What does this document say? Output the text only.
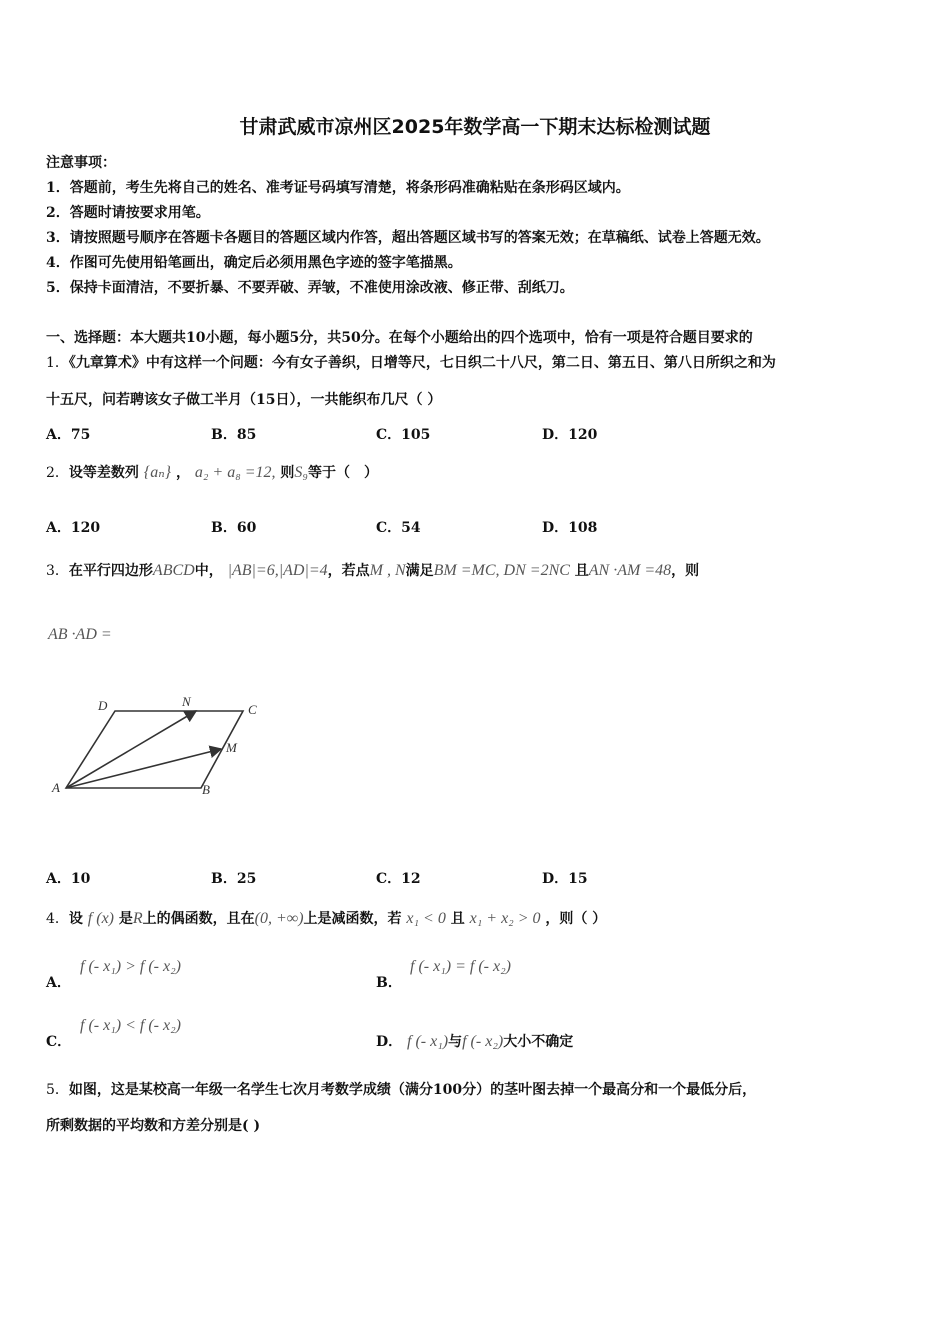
甘肃武威市凉州区2025年数学高一下期末达标检测试题
注意事项：
1．答题前，考生先将自己的姓名、准考证号码填写清楚，将条形码准确粘贴在条形码区域内。
2．答题时请按要求用笔。
3．请按照题号顺序在答题卡各题目的答题区域内作答，超出答题区域书写的答案无效；在草稿纸、试卷上答题无效。
4．作图可先使用铅笔画出，确定后必须用黑色字迹的签字笔描黑。
5．保持卡面清洁，不要折暴、不要弄破、弄皱，不准使用涂改液、修正带、刮纸刀。
一、选择题：本大题共10小题，每小题5分，共50分。在每个小题给出的四个选项中，恰有一项是符合题目要求的
1．《九章算术》中有这样一个问题：今有女子善织，日增等尺，七日织二十八尺，第二日、第五日、第八日所织之和为
十五尺，问若聘该女子做工半月（15日），一共能织布几尺（ ）
A．75	B．85	C．105	D．120
2．设等差数列 {aₙ} ， a₂ + a₈ =12, 则S₉等于（　）
A．120	B．60	C．54	D．108
3．在平行四边形ABCD中， |AB|=6,|AD|=4，若点M , N满足BM =MC, DN =2NC 且AN ·AM =48，则
AB ·AD =
D	N
C
M
A	B
A．10	B．25	C．12	D．15
4．设 f (x) 是R上的偶函数，且在(0, +∞)上是减函数，若 x₁ < 0 且 x₁ + x₂ > 0 ，则（ ）
A．
f (- x₁) > f (- x₂)
B．
f (- x₁) = f (- x₂)
C．
f (- x₁) < f (- x₂)
D． f (- x₁)与f (- x₂)大小不确定
5．如图，这是某校高一年级一名学生七次月考数学成绩（满分100分）的茎叶图去掉一个最高分和一个最低分后，
所剩数据的平均数和方差分别是( )
